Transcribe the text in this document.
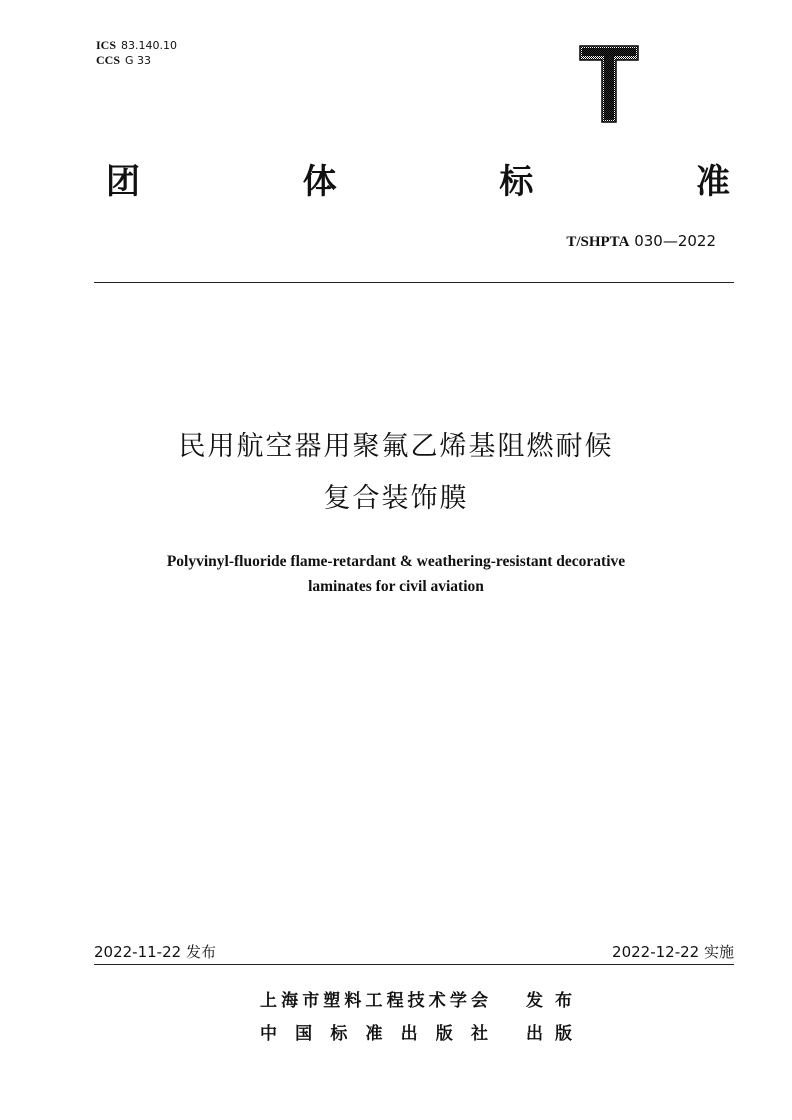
ICS 83.140.10
CCS G 33
团	体	标	准
T/SHPTA 030—2022
民用航空器用聚氟乙烯基阻燃耐候
复合装饰膜
Polyvinyl-fluoride flame-retardant & weathering-resistant decorative
laminates for civil aviation
2022-11-22 发布	2022-12-22 实施
上 海 市 塑 料 工 程 技 术 学 会 发 布
中 国 标 准 出 版 社 出 版
